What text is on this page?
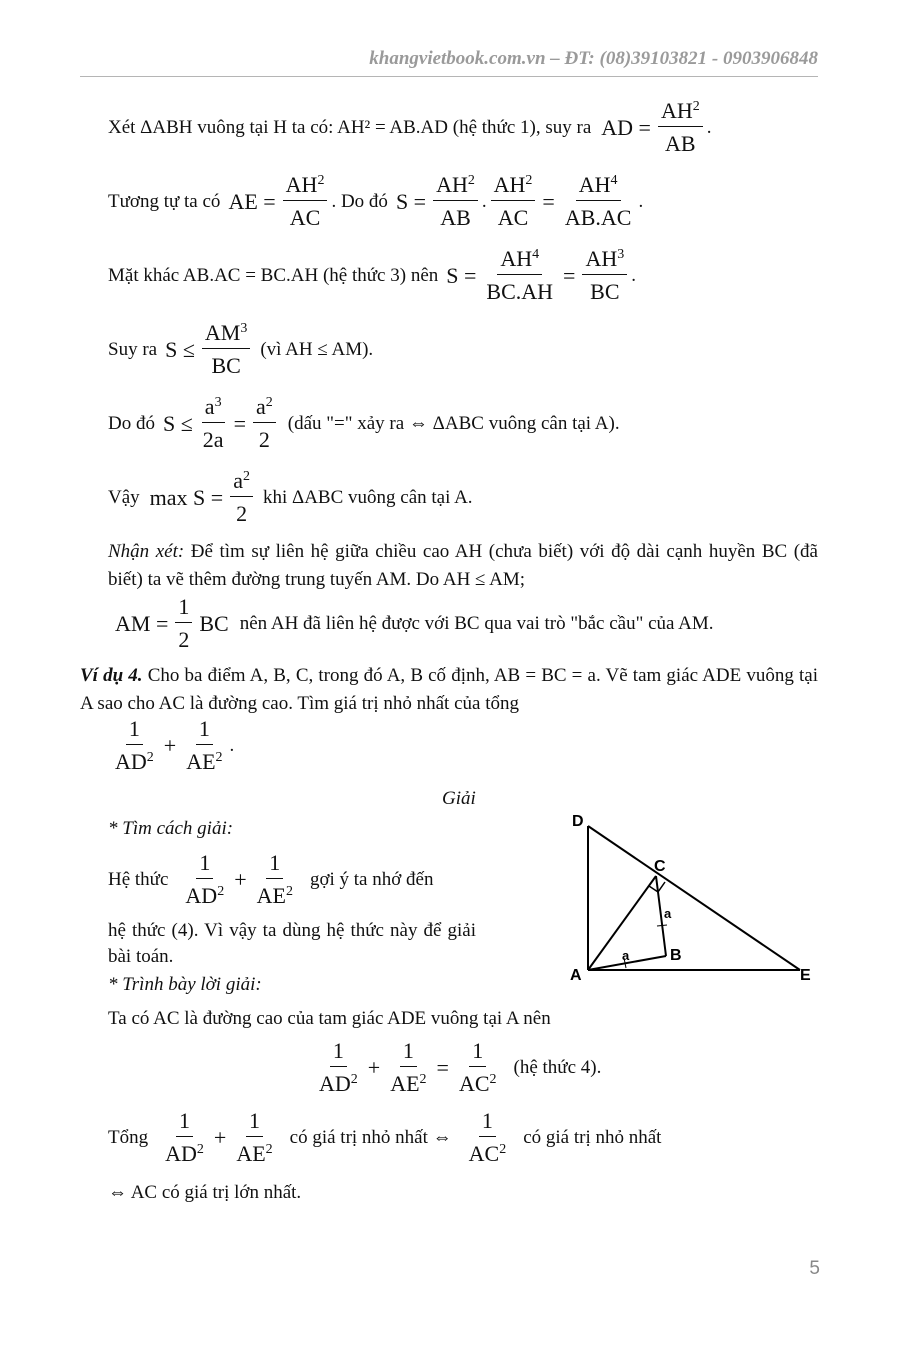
khangvietbook.com.vn – ĐT: (08)39103821 - 0903906848
Xét ΔABH vuông tại H ta có: AH² = AB.AD (hệ thức 1), suy ra AD = $\frac{AH^2}{AB}$ .
Tương tự ta có AE = $\frac{AH^2}{AC}$ . Do đó $S = \frac{AH^2}{AB}$ . $\frac{AH^2}{AC} = \frac{AH^4}{AB.AC}$ .
Mặt khác AB.AC = BC.AH (hệ thức 3) nên $S = \frac{AH^4}{BC.AH} = \frac{AH^3}{BC}$ .
Suy ra $S \le \frac{AM^3}{BC}$ (vì AH ≤ AM).
Do đó $S \le \frac{a^3}{2a} = \frac{a^2}{2}$ (dấu "=" xảy ra ⇔ ΔABC vuông cân tại A).
Vậy $\max S = \frac{a^2}{2}$ khi ΔABC vuông cân tại A.
Nhận xét: Để tìm sự liên hệ giữa chiều cao AH (chưa biết) với độ dài cạnh huyền BC (đã biết) ta vẽ thêm đường trung tuyến AM. Do AH ≤ AM;
AM = $\frac{1}{2}$ BC nên AH đã liên hệ được với BC qua vai trò "bắc cầu" của AM.
Ví dụ 4. Cho ba điểm A, B, C, trong đó A, B cố định, AB = BC = a. Vẽ tam giác ADE vuông tại A sao cho AC là đường cao. Tìm giá trị nhỏ nhất của tổng
$\frac{1}{AD^2} + \frac{1}{AE^2}$ .
Giải
* Tìm cách giải:
Hệ thức $\frac{1}{AD^2} + \frac{1}{AE^2}$ gợi ý ta nhớ đến
hệ thức (4). Vì vậy ta dùng hệ thức này để giải bài toán.
* Trình bày lời giải:
D
C
A
B
E
a
a
Ta có AC là đường cao của tam giác ADE vuông tại A nên
$\frac{1}{AD^2} + \frac{1}{AE^2} = \frac{1}{AC^2}$ (hệ thức 4).
Tổng $\frac{1}{AD^2} + \frac{1}{AE^2}$ có giá trị nhỏ nhất ⇔ $\frac{1}{AC^2}$ có giá trị nhỏ nhất
⇔ AC có giá trị lớn nhất.
5
